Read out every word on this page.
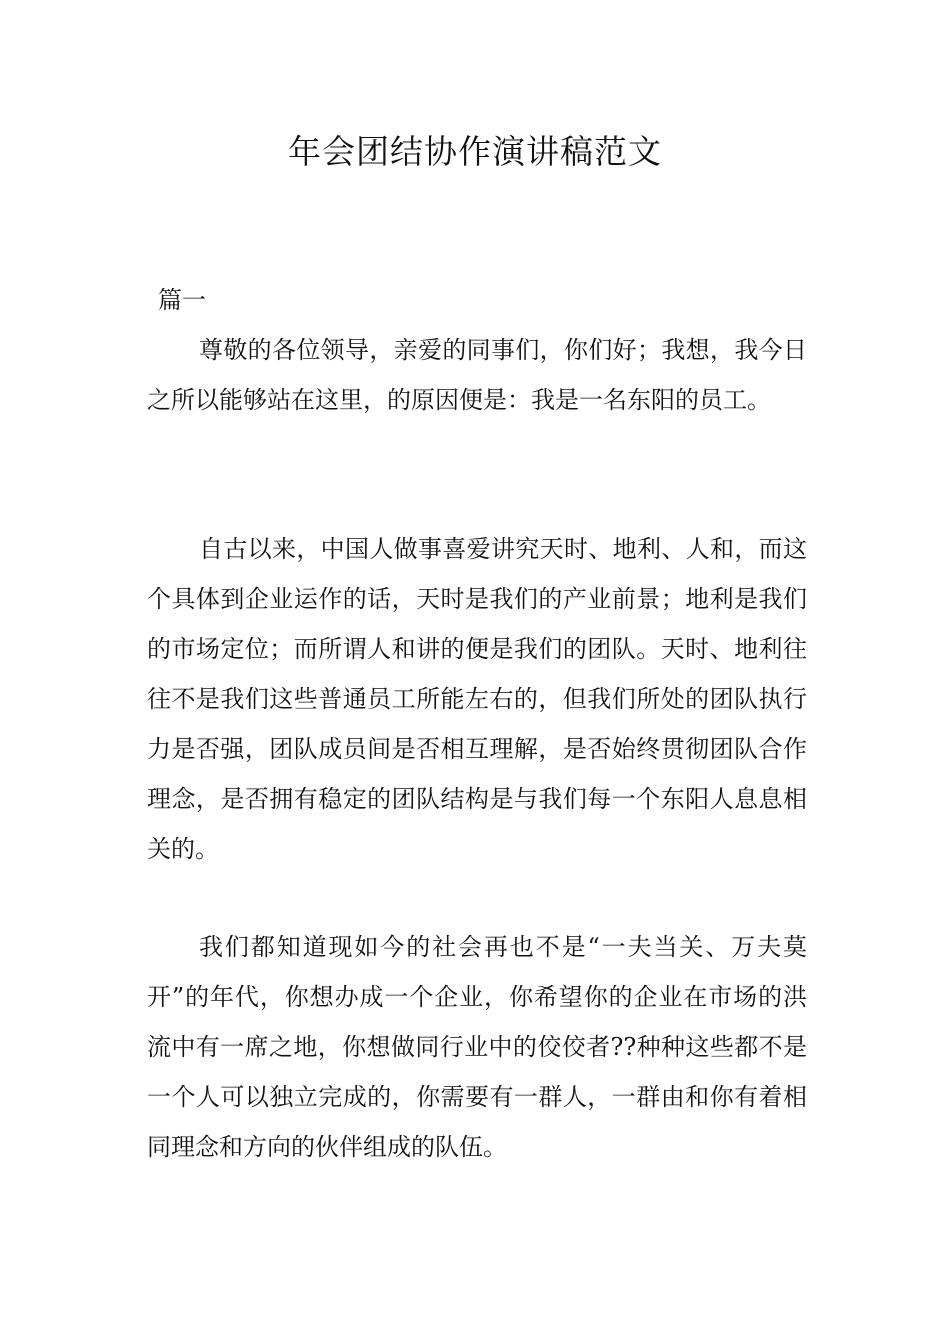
年会团结协作演讲稿范文
篇一

尊敬的各位领导，亲爱的同事们，你们好；我想，我今日之所以能够站在这里，的原因便是：我是一名东阳的员工。

自古以来，中国人做事喜爱讲究天时、地利、人和，而这个具体到企业运作的话，天时是我们的产业前景；地利是我们的市场定位；而所谓人和讲的便是我们的团队。天时、地利往往不是我们这些普通员工所能左右的，但我们所处的团队执行力是否强，团队成员间是否相互理解，是否始终贯彻团队合作理念，是否拥有稳定的团队结构是与我们每一个东阳人息息相关的。

我们都知道现如今的社会再也不是“一夫当关、万夫莫开”的年代，你想办成一个企业，你希望你的企业在市场的洪流中有一席之地，你想做同行业中的佼佼者??种种这些都不是一个人可以独立完成的，你需要有一群人，一群由和你有着相同理念和方向的伙伴组成的队伍。
